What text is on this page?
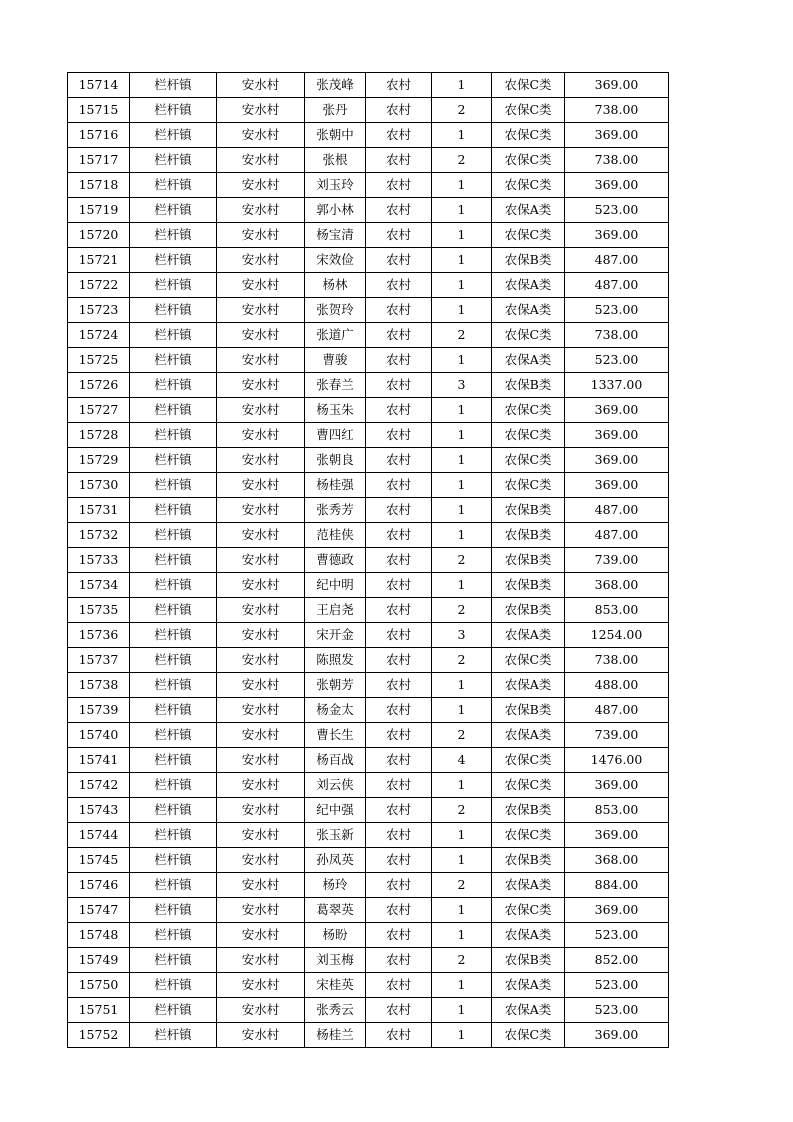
15714	栏杆镇	安水村	张茂峰	农村	1	农保C类	369.00
15715	栏杆镇	安水村	张丹	农村	2	农保C类	738.00
15716	栏杆镇	安水村	张朝中	农村	1	农保C类	369.00
15717	栏杆镇	安水村	张根	农村	2	农保C类	738.00
15718	栏杆镇	安水村	刘玉玲	农村	1	农保C类	369.00
15719	栏杆镇	安水村	郭小林	农村	1	农保A类	523.00
15720	栏杆镇	安水村	杨宝清	农村	1	农保C类	369.00
15721	栏杆镇	安水村	宋效俭	农村	1	农保B类	487.00
15722	栏杆镇	安水村	杨林	农村	1	农保A类	487.00
15723	栏杆镇	安水村	张贺玲	农村	1	农保A类	523.00
15724	栏杆镇	安水村	张道广	农村	2	农保C类	738.00
15725	栏杆镇	安水村	曹骏	农村	1	农保A类	523.00
15726	栏杆镇	安水村	张春兰	农村	3	农保B类	1337.00
15727	栏杆镇	安水村	杨玉朱	农村	1	农保C类	369.00
15728	栏杆镇	安水村	曹四红	农村	1	农保C类	369.00
15729	栏杆镇	安水村	张朝良	农村	1	农保C类	369.00
15730	栏杆镇	安水村	杨桂强	农村	1	农保C类	369.00
15731	栏杆镇	安水村	张秀芳	农村	1	农保B类	487.00
15732	栏杆镇	安水村	范桂侠	农村	1	农保B类	487.00
15733	栏杆镇	安水村	曹德政	农村	2	农保B类	739.00
15734	栏杆镇	安水村	纪中明	农村	1	农保B类	368.00
15735	栏杆镇	安水村	王启尧	农村	2	农保B类	853.00
15736	栏杆镇	安水村	宋开金	农村	3	农保A类	1254.00
15737	栏杆镇	安水村	陈照发	农村	2	农保C类	738.00
15738	栏杆镇	安水村	张朝芳	农村	1	农保A类	488.00
15739	栏杆镇	安水村	杨金太	农村	1	农保B类	487.00
15740	栏杆镇	安水村	曹长生	农村	2	农保A类	739.00
15741	栏杆镇	安水村	杨百战	农村	4	农保C类	1476.00
15742	栏杆镇	安水村	刘云侠	农村	1	农保C类	369.00
15743	栏杆镇	安水村	纪中强	农村	2	农保B类	853.00
15744	栏杆镇	安水村	张玉新	农村	1	农保C类	369.00
15745	栏杆镇	安水村	孙凤英	农村	1	农保B类	368.00
15746	栏杆镇	安水村	杨玲	农村	2	农保A类	884.00
15747	栏杆镇	安水村	葛翠英	农村	1	农保C类	369.00
15748	栏杆镇	安水村	杨盼	农村	1	农保A类	523.00
15749	栏杆镇	安水村	刘玉梅	农村	2	农保B类	852.00
15750	栏杆镇	安水村	宋桂英	农村	1	农保A类	523.00
15751	栏杆镇	安水村	张秀云	农村	1	农保A类	523.00
15752	栏杆镇	安水村	杨桂兰	农村	1	农保C类	369.00
